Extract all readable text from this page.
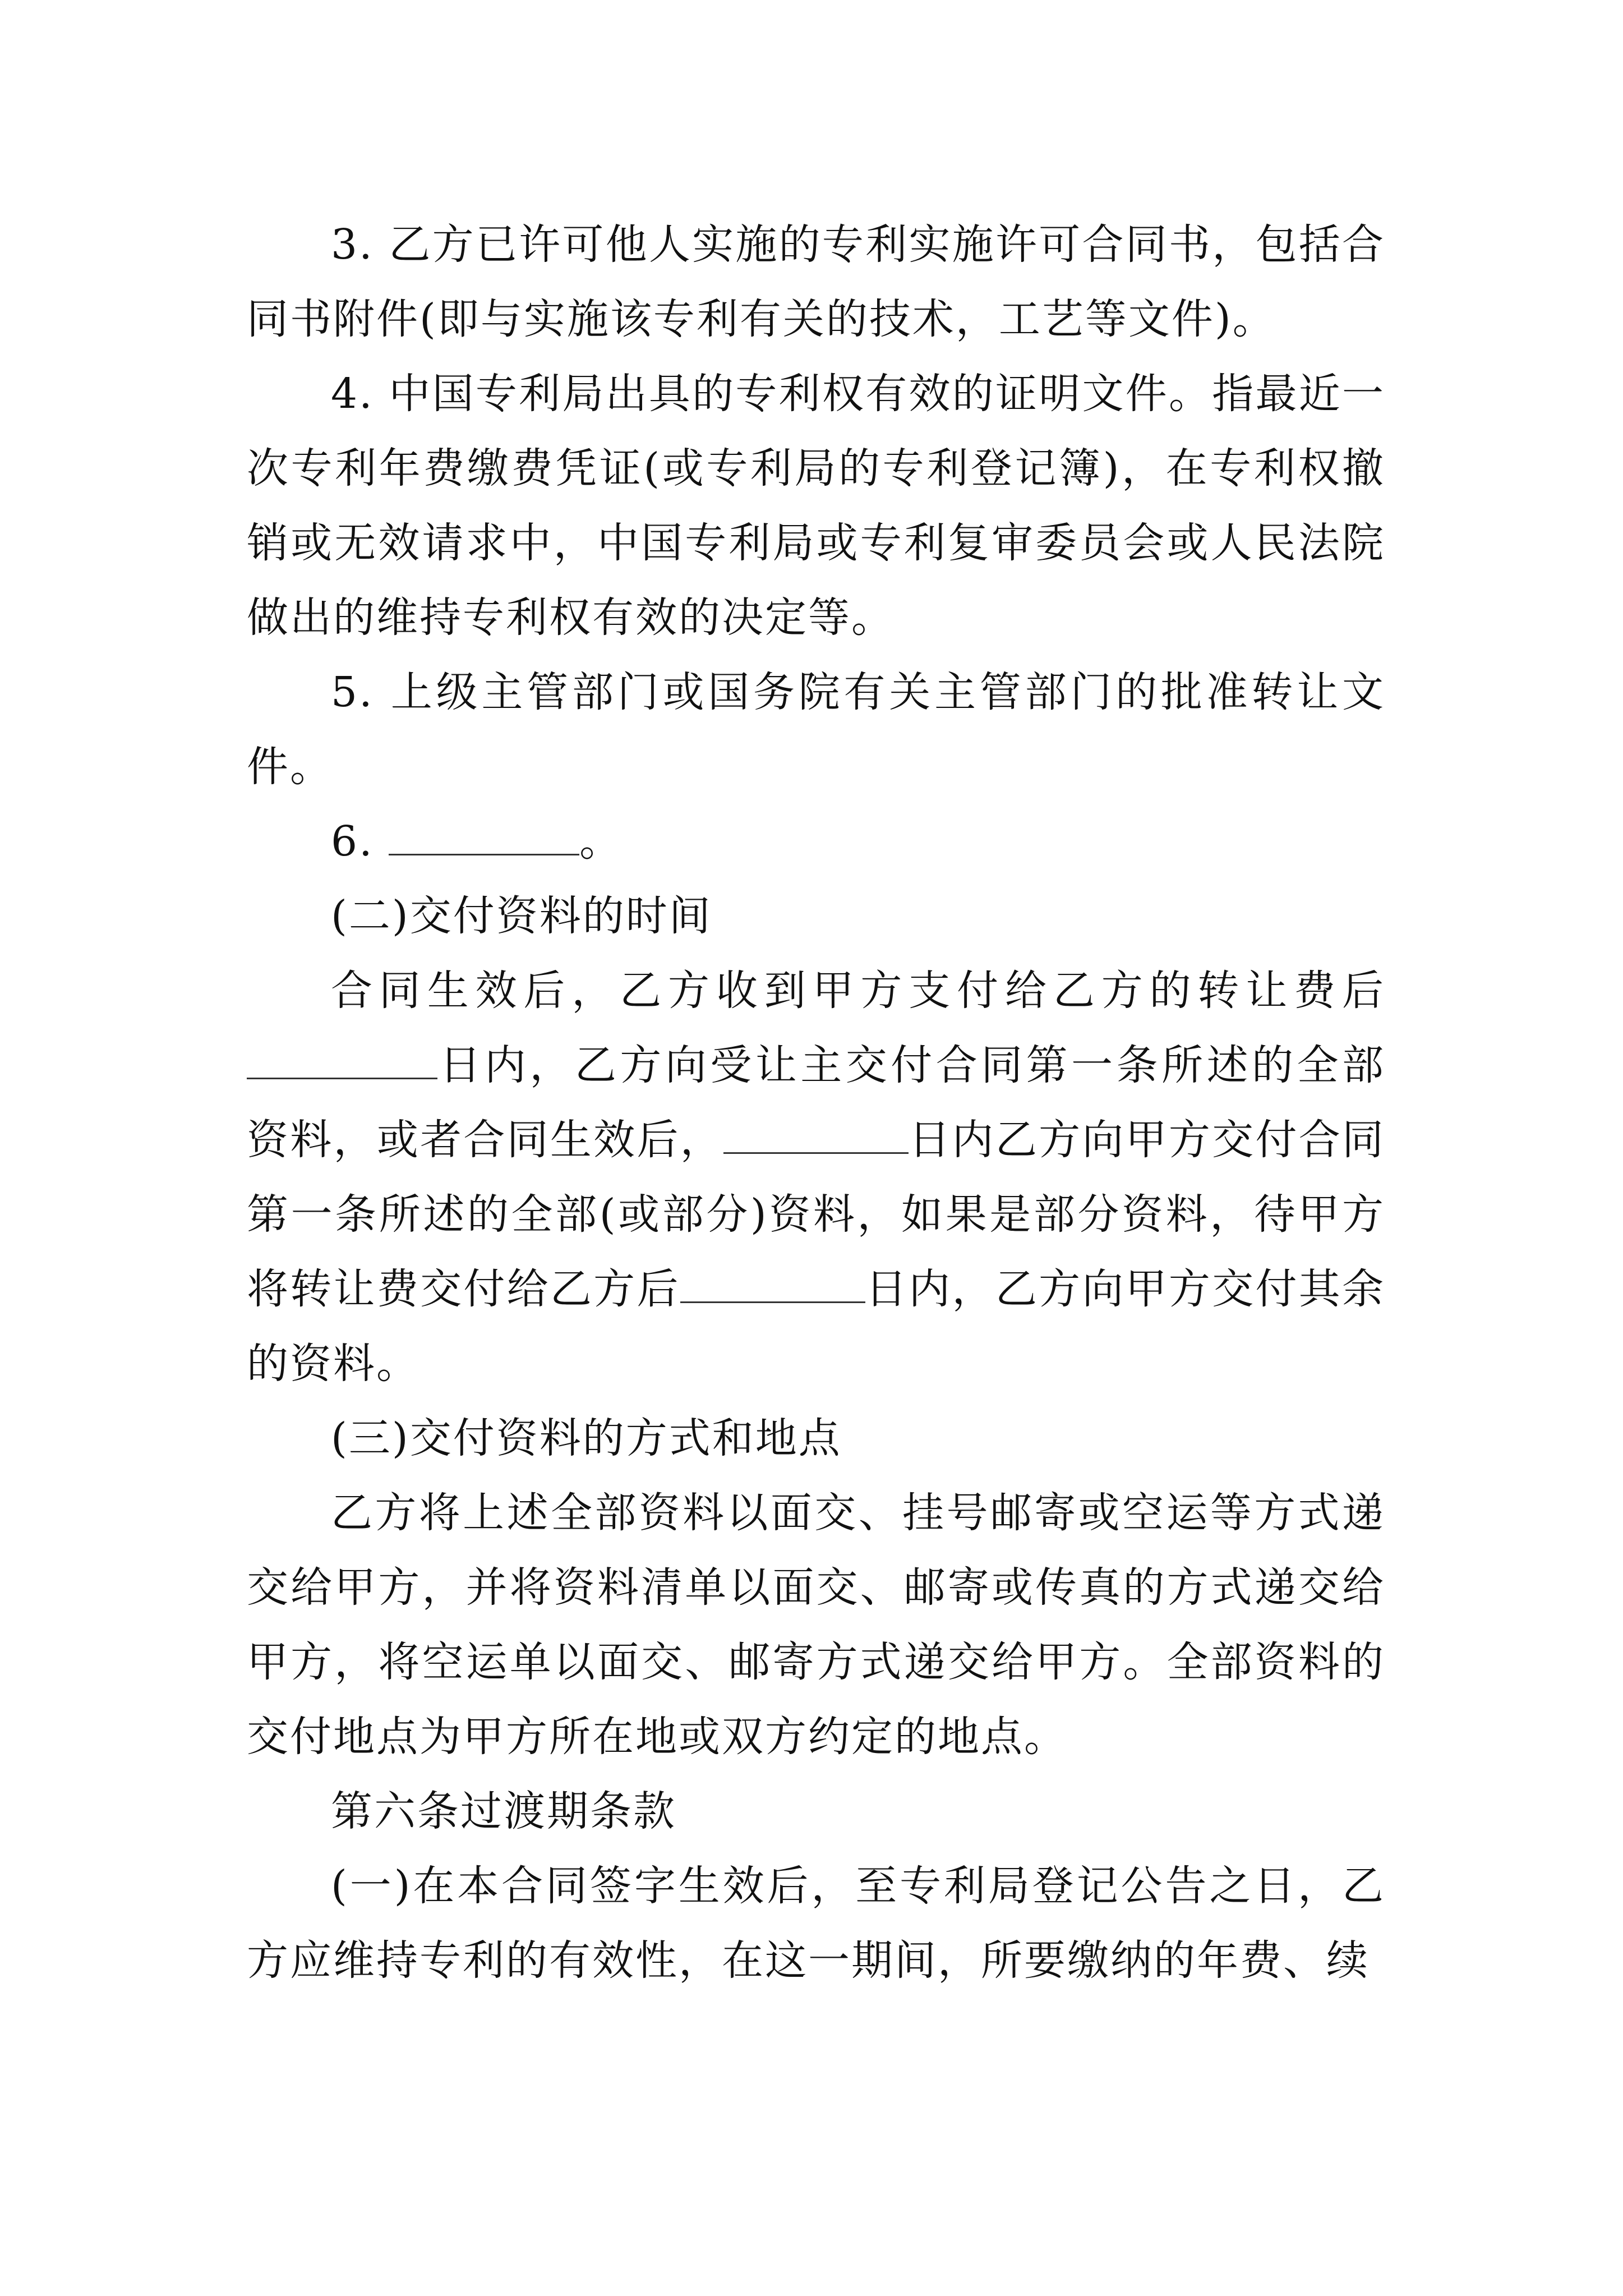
3. 乙方已许可他人实施的专利实施许可合同书，包括合同书附件(即与实施该专利有关的技术，工艺等文件)。

4. 中国专利局出具的专利权有效的证明文件。指最近一次专利年费缴费凭证(或专利局的专利登记簿)，在专利权撤销或无效请求中，中国专利局或专利复审委员会或人民法院做出的维持专利权有效的决定等。

5. 上级主管部门或国务院有关主管部门的批准转让文件。

6.	。

(二)交付资料的时间

合同生效后，乙方收到甲方支付给乙方的转让费后日内，乙方向受让主交付合同第一条所述的全部资料，或者合同生效后，	日内乙方向甲方交付合同第一条所述的全部(或部分)资料，如果是部分资料，待甲方将转让费交付给乙方后	日内，乙方向甲方交付其余的资料。

(三)交付资料的方式和地点

乙方将上述全部资料以面交、挂号邮寄或空运等方式递交给甲方，并将资料清单以面交、邮寄或传真的方式递交给甲方，将空运单以面交、邮寄方式递交给甲方。全部资料的交付地点为甲方所在地或双方约定的地点。

第六条过渡期条款

(一)在本合同签字生效后，至专利局登记公告之日，乙方应维持专利的有效性，在这一期间，所要缴纳的年费、续
